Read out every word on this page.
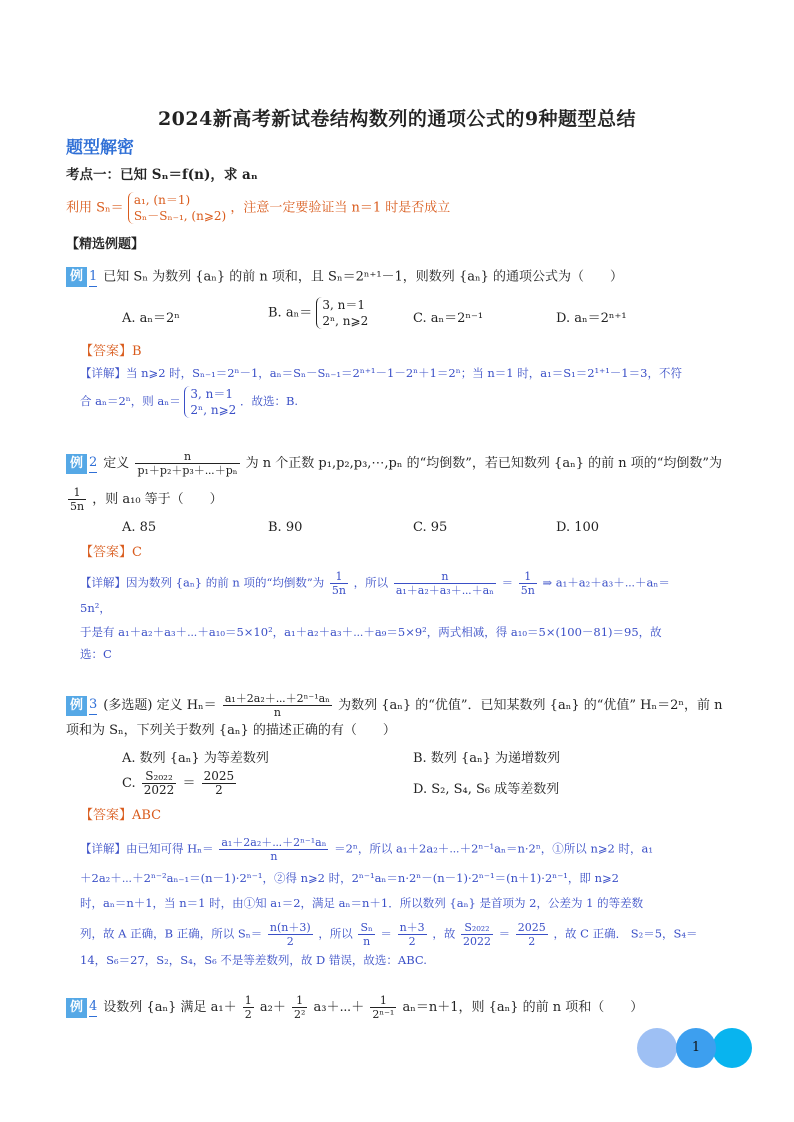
2024新高考新试卷结构数列的通项公式的9种题型总结
题型解密
考点一：已知 Sₙ＝f(n)，求 aₙ
利用 Sₙ＝
a₁, (n＝1)
Sₙ－Sₙ₋₁, (n⩾2)
，注意一定要验证当 n＝1 时是否成立
【精选例题】
例 1 已知 Sₙ 为数列 {aₙ} 的前 n 项和，且 Sₙ＝2ⁿ⁺¹－1，则数列 {aₙ} 的通项公式为（　　）
A. aₙ＝2ⁿ	B. aₙ＝
3, n＝1
2ⁿ, n⩾2	C. aₙ＝2ⁿ⁻¹	D. aₙ＝2ⁿ⁺¹
【答案】B
【详解】当 n⩾2 时，Sₙ₋₁＝2ⁿ－1，aₙ＝Sₙ－Sₙ₋₁＝2ⁿ⁺¹－1－2ⁿ＋1＝2ⁿ；当 n＝1 时，a₁＝S₁＝2¹⁺¹－1＝3，不符
合 aₙ＝2ⁿ，则 aₙ＝ 3, n＝1
2ⁿ, n⩾2
．故选：B.
例 2 定义 $\frac{n}{\text{p₁＋p₂＋p₃＋⋯＋pₙ}}$ 为 n 个正数 p₁,p₂,p₃,⋯,pₙ 的“均倒数”，若已知数列 {aₙ} 的前 n 项的“均倒数”为
$\frac{1}{5n}$ ，则 a₁₀ 等于（　　）
A. 85	B. 90	C. 95	D. 100
【答案】C
【详解】因为数列 {aₙ} 的前 n 项的“均倒数”为 $\frac{1}{5n}$ ，所以 $\frac{n}{\text{a₁＋a₂＋a₃＋⋯＋aₙ}} = \frac{1}{5n}$ ⇒ a₁＋a₂＋a₃＋⋯＋aₙ＝
5n²，
于是有 a₁＋a₂＋a₃＋⋯＋a₁₀＝5×10²，a₁＋a₂＋a₃＋⋯＋a₉＝5×9²，两式相减，得 a₁₀＝5×(100－81)＝95，故
选：C
例 3 (多选题) 定义 $H_n= \frac{\text{a₁＋2a₂＋⋯＋2ⁿ⁻¹aₙ}}{n}$ 为数列 {aₙ} 的“优值”．已知某数列 {aₙ} 的“优值” Hₙ＝2ⁿ，前 n
项和为 Sₙ，下列关于数列 {aₙ} 的描述正确的有（　　）
A. 数列 {aₙ} 为等差数列	B. 数列 {aₙ} 为递增数列
C. $\frac{\text{S₂₀₂₂}}{2022} = \frac{2025}{2}$	D. S₂, S₄, S₆ 成等差数列
【答案】ABC
【详解】由已知可得 $H_n= \frac{\text{a₁＋2a₂＋⋯＋2ⁿ⁻¹aₙ}}{n} =2^n$，所以 a₁＋2a₂＋⋯＋2ⁿ⁻¹aₙ＝n·2ⁿ，①所以 n⩾2 时，a₁
＋2a₂＋⋯＋2ⁿ⁻²aₙ₋₁＝(n－1)·2ⁿ⁻¹，②得 n⩾2 时，2ⁿ⁻¹aₙ＝n·2ⁿ－(n－1)·2ⁿ⁻¹＝(n＋1)·2ⁿ⁻¹，即 n⩾2
时，aₙ＝n＋1，当 n＝1 时，由①知 a₁＝2，满足 aₙ＝n＋1．所以数列 {aₙ} 是首项为 2，公差为 1 的等差数
列，故 A 正确，B 正确，所以 $S_n= \frac{n(n+3)}{2}$ ，所以 $\frac{\text{Sₙ}}{n} = \frac{n+3}{2}$ ，故 $\frac{\text{S₂₀₂₂}}{2022} = \frac{2025}{2}$ ，故 C 正确． S₂＝5，S₄＝
14，S₆＝27，S₂，S₄，S₆ 不是等差数列，故 D 错误，故选：ABC.
例 4 设数列 {aₙ} 满足 $a_1+ \frac{1}{2} a_2+ \frac{1}{\text{2²}}$ a₃＋⋯＋ $\frac{1}{\text{2ⁿ⁻¹}} a_n=n+1$，则 {aₙ} 的前 n 项和（　　）
1
